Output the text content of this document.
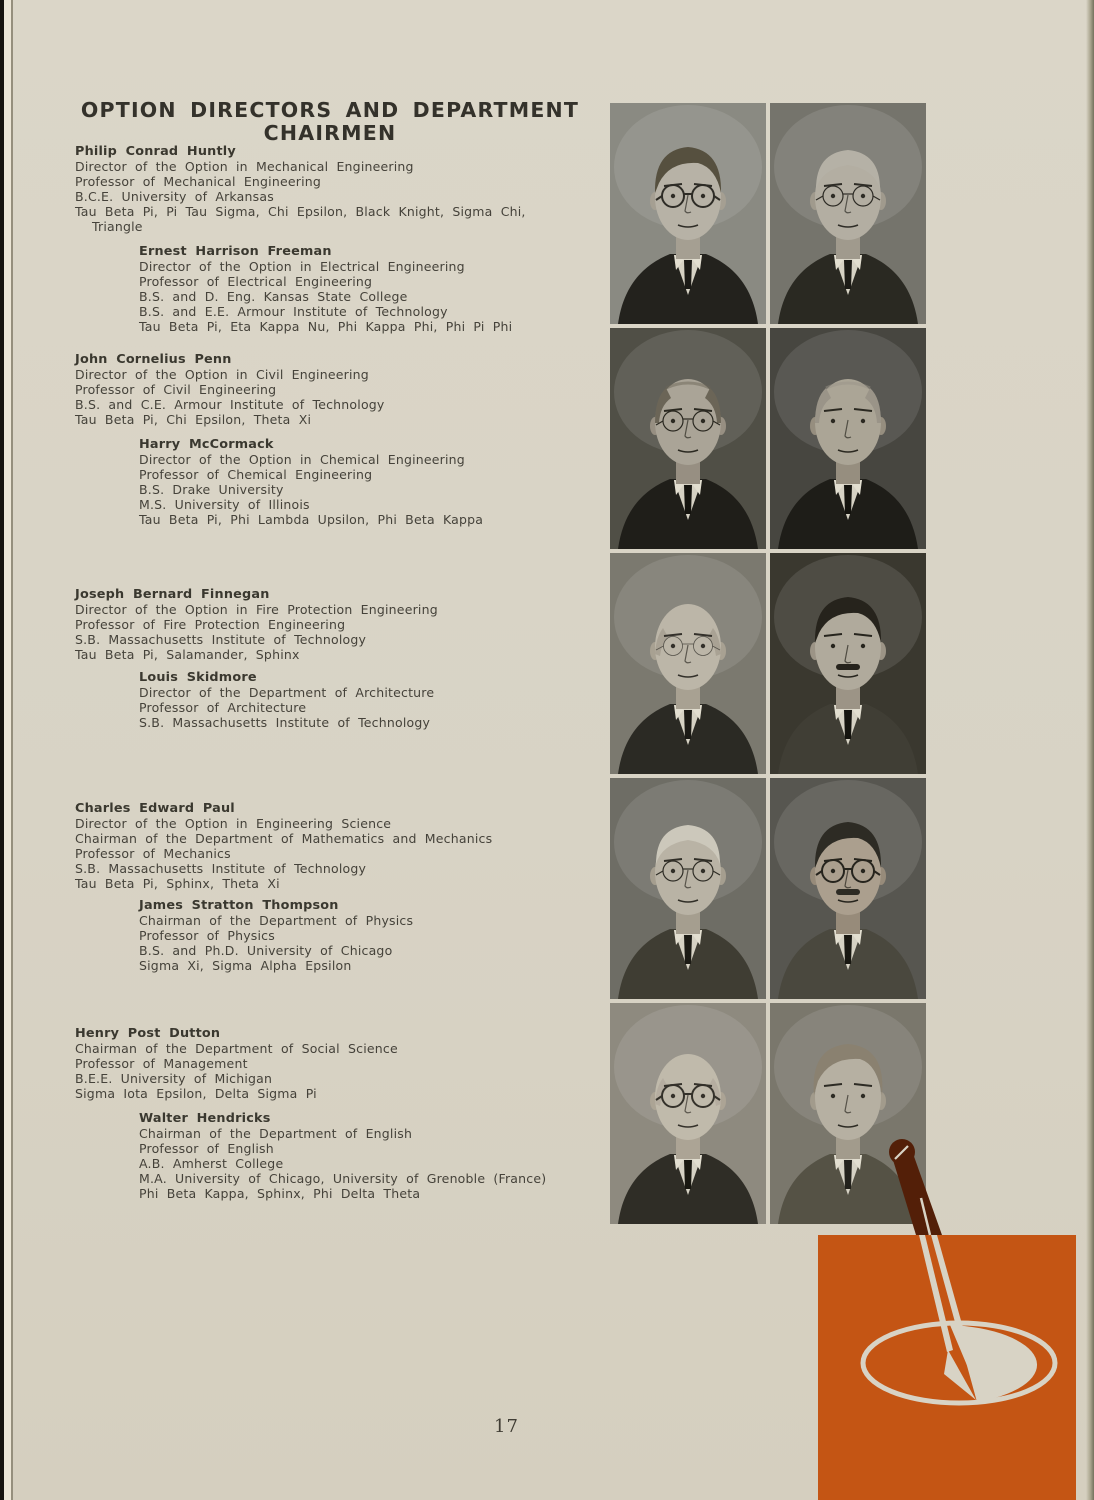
OPTION DIRECTORS AND DEPARTMENT
CHAIRMEN
Philip Conrad Huntly
Director of the Option in Mechanical Engineering
Professor of Mechanical Engineering
B.C.E. University of Arkansas
Tau Beta Pi, Pi Tau Sigma, Chi Epsilon, Black Knight, Sigma Chi,
Triangle
Ernest Harrison Freeman
Director of the Option in Electrical Engineering
Professor of Electrical Engineering
B.S. and D. Eng. Kansas State College
B.S. and E.E. Armour Institute of Technology
Tau Beta Pi, Eta Kappa Nu, Phi Kappa Phi, Phi Pi Phi
John Cornelius Penn
Director of the Option in Civil Engineering
Professor of Civil Engineering
B.S. and C.E. Armour Institute of Technology
Tau Beta Pi, Chi Epsilon, Theta Xi
Harry McCormack
Director of the Option in Chemical Engineering
Professor of Chemical Engineering
B.S. Drake University
M.S. University of Illinois
Tau Beta Pi, Phi Lambda Upsilon, Phi Beta Kappa
Joseph Bernard Finnegan
Director of the Option in Fire Protection Engineering
Professor of Fire Protection Engineering
S.B. Massachusetts Institute of Technology
Tau Beta Pi, Salamander, Sphinx
Louis Skidmore
Director of the Department of Architecture
Professor of Architecture
S.B. Massachusetts Institute of Technology
Charles Edward Paul
Director of the Option in Engineering Science
Chairman of the Department of Mathematics and Mechanics
Professor of Mechanics
S.B. Massachusetts Institute of Technology
Tau Beta Pi, Sphinx, Theta Xi
James Stratton Thompson
Chairman of the Department of Physics
Professor of Physics
B.S. and Ph.D. University of Chicago
Sigma Xi, Sigma Alpha Epsilon
Henry Post Dutton
Chairman of the Department of Social Science
Professor of Management
B.E.E. University of Michigan
Sigma Iota Epsilon, Delta Sigma Pi
Walter Hendricks
Chairman of the Department of English
Professor of English
A.B. Amherst College
M.A. University of Chicago, University of Grenoble (France)
Phi Beta Kappa, Sphinx, Phi Delta Theta
17
